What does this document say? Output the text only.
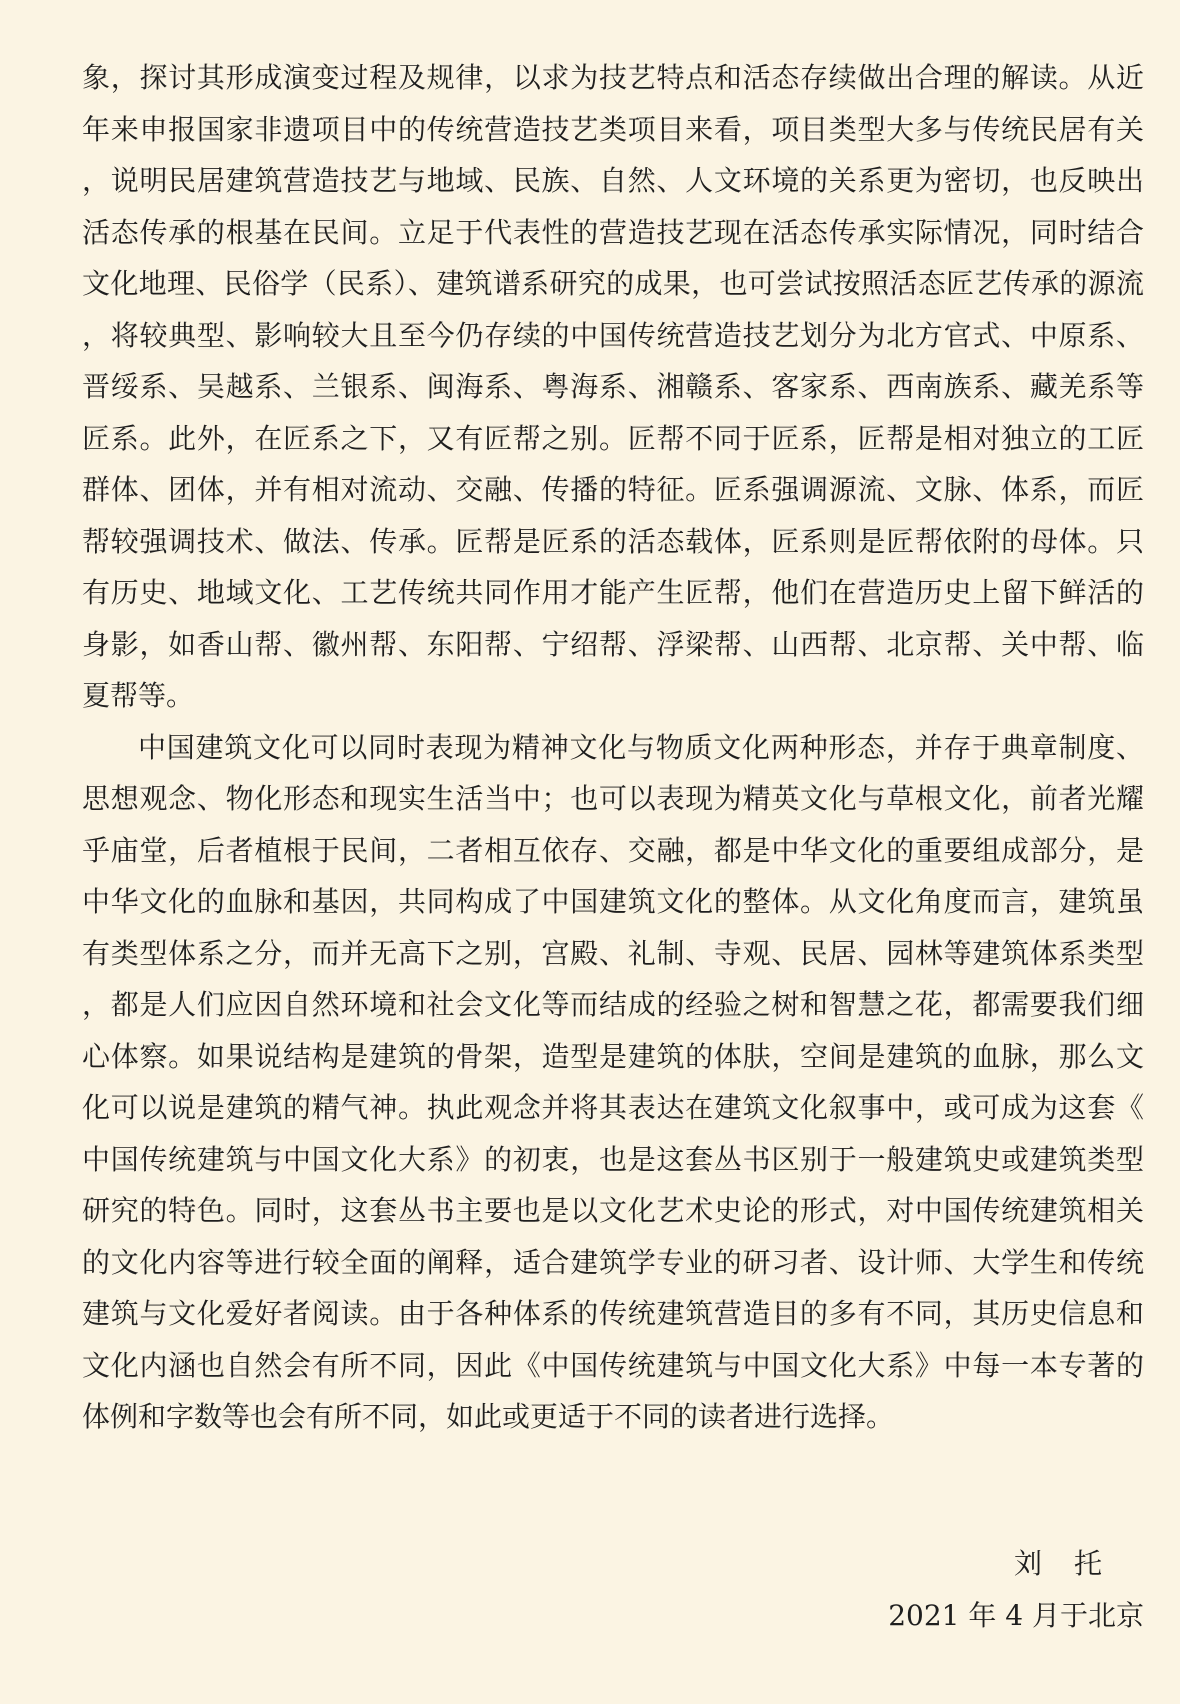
象，探讨其形成演变过程及规律，以求为技艺特点和活态存续做出合理的解读。从近年来申报国家非遗项目中的传统营造技艺类项目来看，项目类型大多与传统民居有关，说明民居建筑营造技艺与地域、民族、自然、人文环境的关系更为密切，也反映出活态传承的根基在民间。立足于代表性的营造技艺现在活态传承实际情况，同时结合文化地理、民俗学（民系）、建筑谱系研究的成果，也可尝试按照活态匠艺传承的源流，将较典型、影响较大且至今仍存续的中国传统营造技艺划分为北方官式、中原系、晋绥系、吴越系、兰银系、闽海系、粤海系、湘赣系、客家系、西南族系、藏羌系等匠系。此外，在匠系之下，又有匠帮之别。匠帮不同于匠系，匠帮是相对独立的工匠群体、团体，并有相对流动、交融、传播的特征。匠系强调源流、文脉、体系，而匠帮较强调技术、做法、传承。匠帮是匠系的活态载体，匠系则是匠帮依附的母体。只有历史、地域文化、工艺传统共同作用才能产生匠帮，他们在营造历史上留下鲜活的身影，如香山帮、徽州帮、东阳帮、宁绍帮、浮梁帮、山西帮、北京帮、关中帮、临夏帮等。

中国建筑文化可以同时表现为精神文化与物质文化两种形态，并存于典章制度、思想观念、物化形态和现实生活当中；也可以表现为精英文化与草根文化，前者光耀乎庙堂，后者植根于民间，二者相互依存、交融，都是中华文化的重要组成部分，是中华文化的血脉和基因，共同构成了中国建筑文化的整体。从文化角度而言，建筑虽有类型体系之分，而并无高下之别，宫殿、礼制、寺观、民居、园林等建筑体系类型，都是人们应因自然环境和社会文化等而结成的经验之树和智慧之花，都需要我们细心体察。如果说结构是建筑的骨架，造型是建筑的体肤，空间是建筑的血脉，那么文化可以说是建筑的精气神。执此观念并将其表达在建筑文化叙事中，或可成为这套《中国传统建筑与中国文化大系》的初衷，也是这套丛书区别于一般建筑史或建筑类型研究的特色。同时，这套丛书主要也是以文化艺术史论的形式，对中国传统建筑相关的文化内容等进行较全面的阐释，适合建筑学专业的研习者、设计师、大学生和传统建筑与文化爱好者阅读。由于各种体系的传统建筑营造目的多有不同，其历史信息和文化内涵也自然会有所不同，因此《中国传统建筑与中国文化大系》中每一本专著的体例和字数等也会有所不同，如此或更适于不同的读者进行选择。

刘托
2021 年 4 月于北京
